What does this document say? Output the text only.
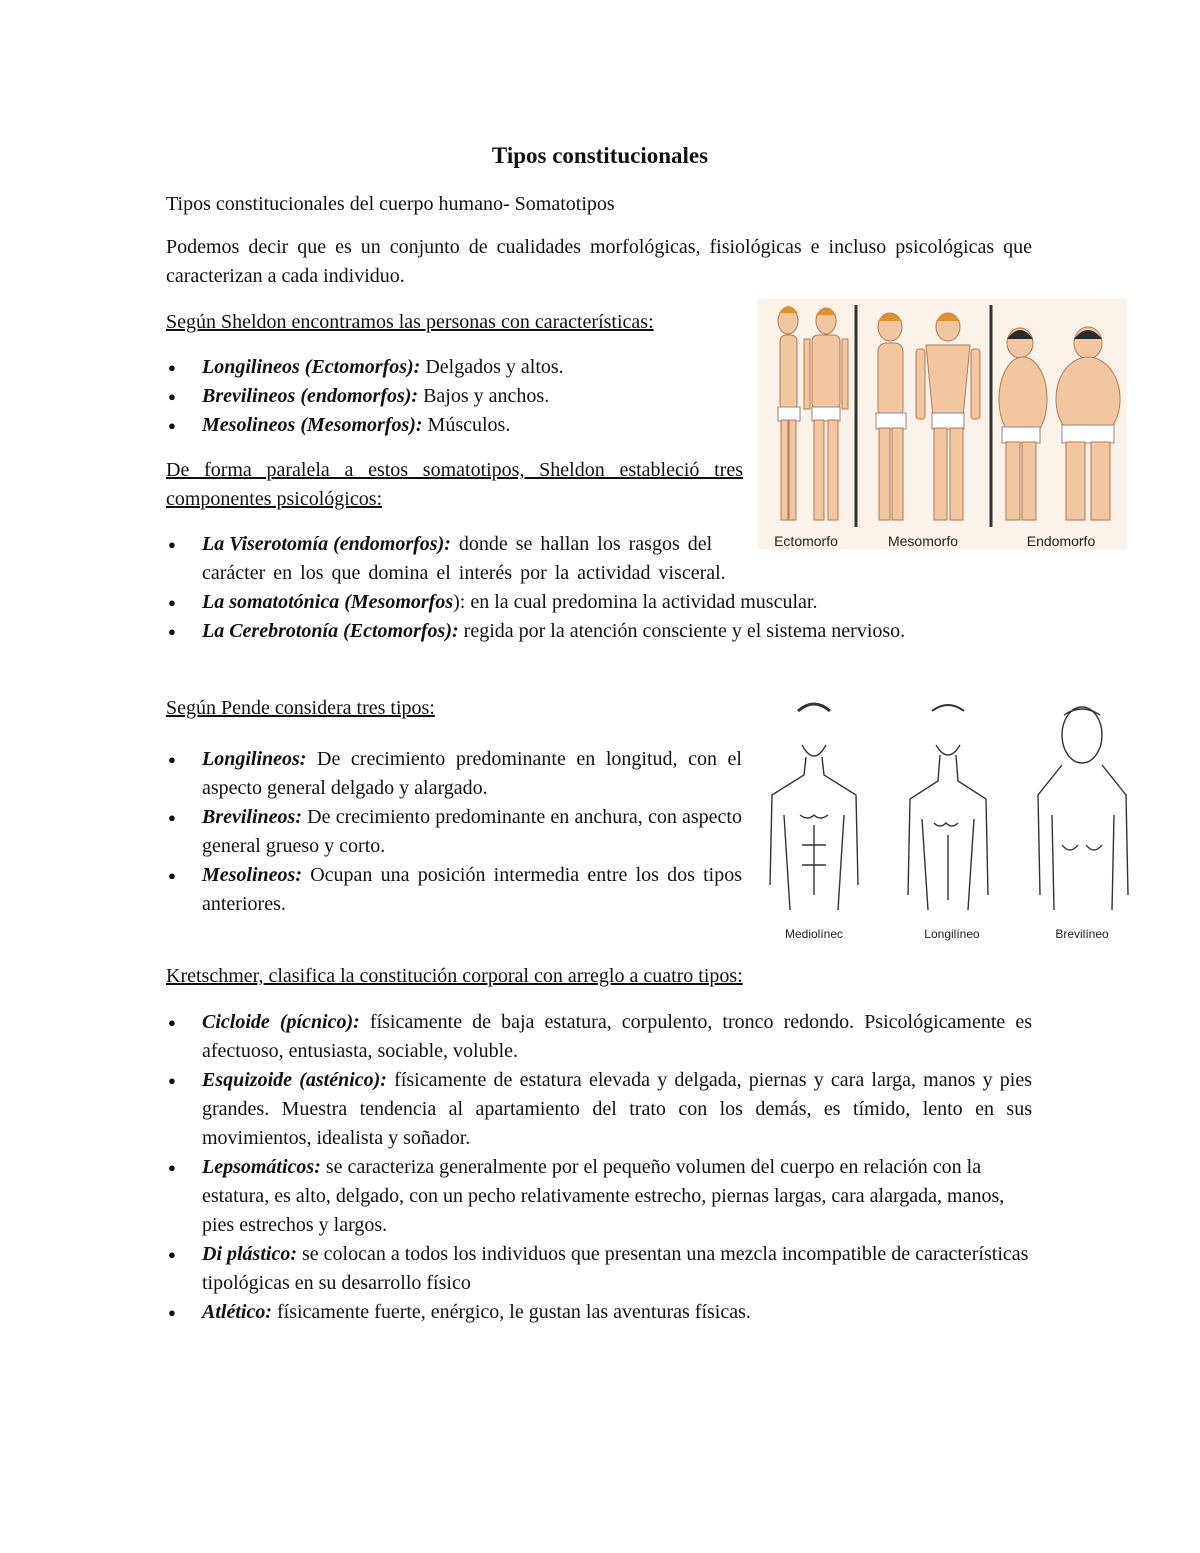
Tipos constitucionales

Tipos constitucionales del cuerpo humano- Somatotipos

Podemos decir que es un conjunto de cualidades morfológicas, fisiológicas e incluso psicológicas que caracterizan a cada individuo.

Según Sheldon encontramos las personas con características:

● Longilineos (Ectomorfos): Delgados y altos.
● Brevilineos (endomorfos): Bajos y anchos.
● Mesolineos (Mesomorfos): Músculos.

De forma paralela a estos somatotipos, Sheldon estableció tres componentes psicológicos:

● La Viserotomía (endomorfos): donde se hallan los rasgos del carácter en los que domina el interés por la actividad visceral.
● La somatotónica (Mesomorfos): en la cual predomina la actividad muscular.
● La Cerebrotonía (Ectomorfos): regida por la atención consciente y el sistema nervioso.
Ectomorfo	Mesomorfo	Endomorfo

Según Pende considera tres tipos:

● Longilineos: De crecimiento predominante en longitud, con el aspecto general delgado y alargado.
● Brevilineos: De crecimiento predominante en anchura, con aspecto general grueso y corto.
● Mesolineos: Ocupan una posición intermedia entre los dos tipos anteriores.
Mediolínec	Longilíneo	Brevilíneo

Kretschmer, clasifica la constitución corporal con arreglo a cuatro tipos:

● Cicloide (pícnico): físicamente de baja estatura, corpulento, tronco redondo. Psicológicamente es afectuoso, entusiasta, sociable, voluble.
● Esquizoide (asténico): físicamente de estatura elevada y delgada, piernas y cara larga, manos y pies grandes. Muestra tendencia al apartamiento del trato con los demás, es tímido, lento en sus movimientos, idealista y soñador.
● Lepsomáticos: se caracteriza generalmente por el pequeño volumen del cuerpo en relación con la estatura, es alto, delgado, con un pecho relativamente estrecho, piernas largas, cara alargada, manos, pies estrechos y largos.
● Di plástico: se colocan a todos los individuos que presentan una mezcla incompatible de características tipológicas en su desarrollo físico
● Atlético: físicamente fuerte, enérgico, le gustan las aventuras físicas.
